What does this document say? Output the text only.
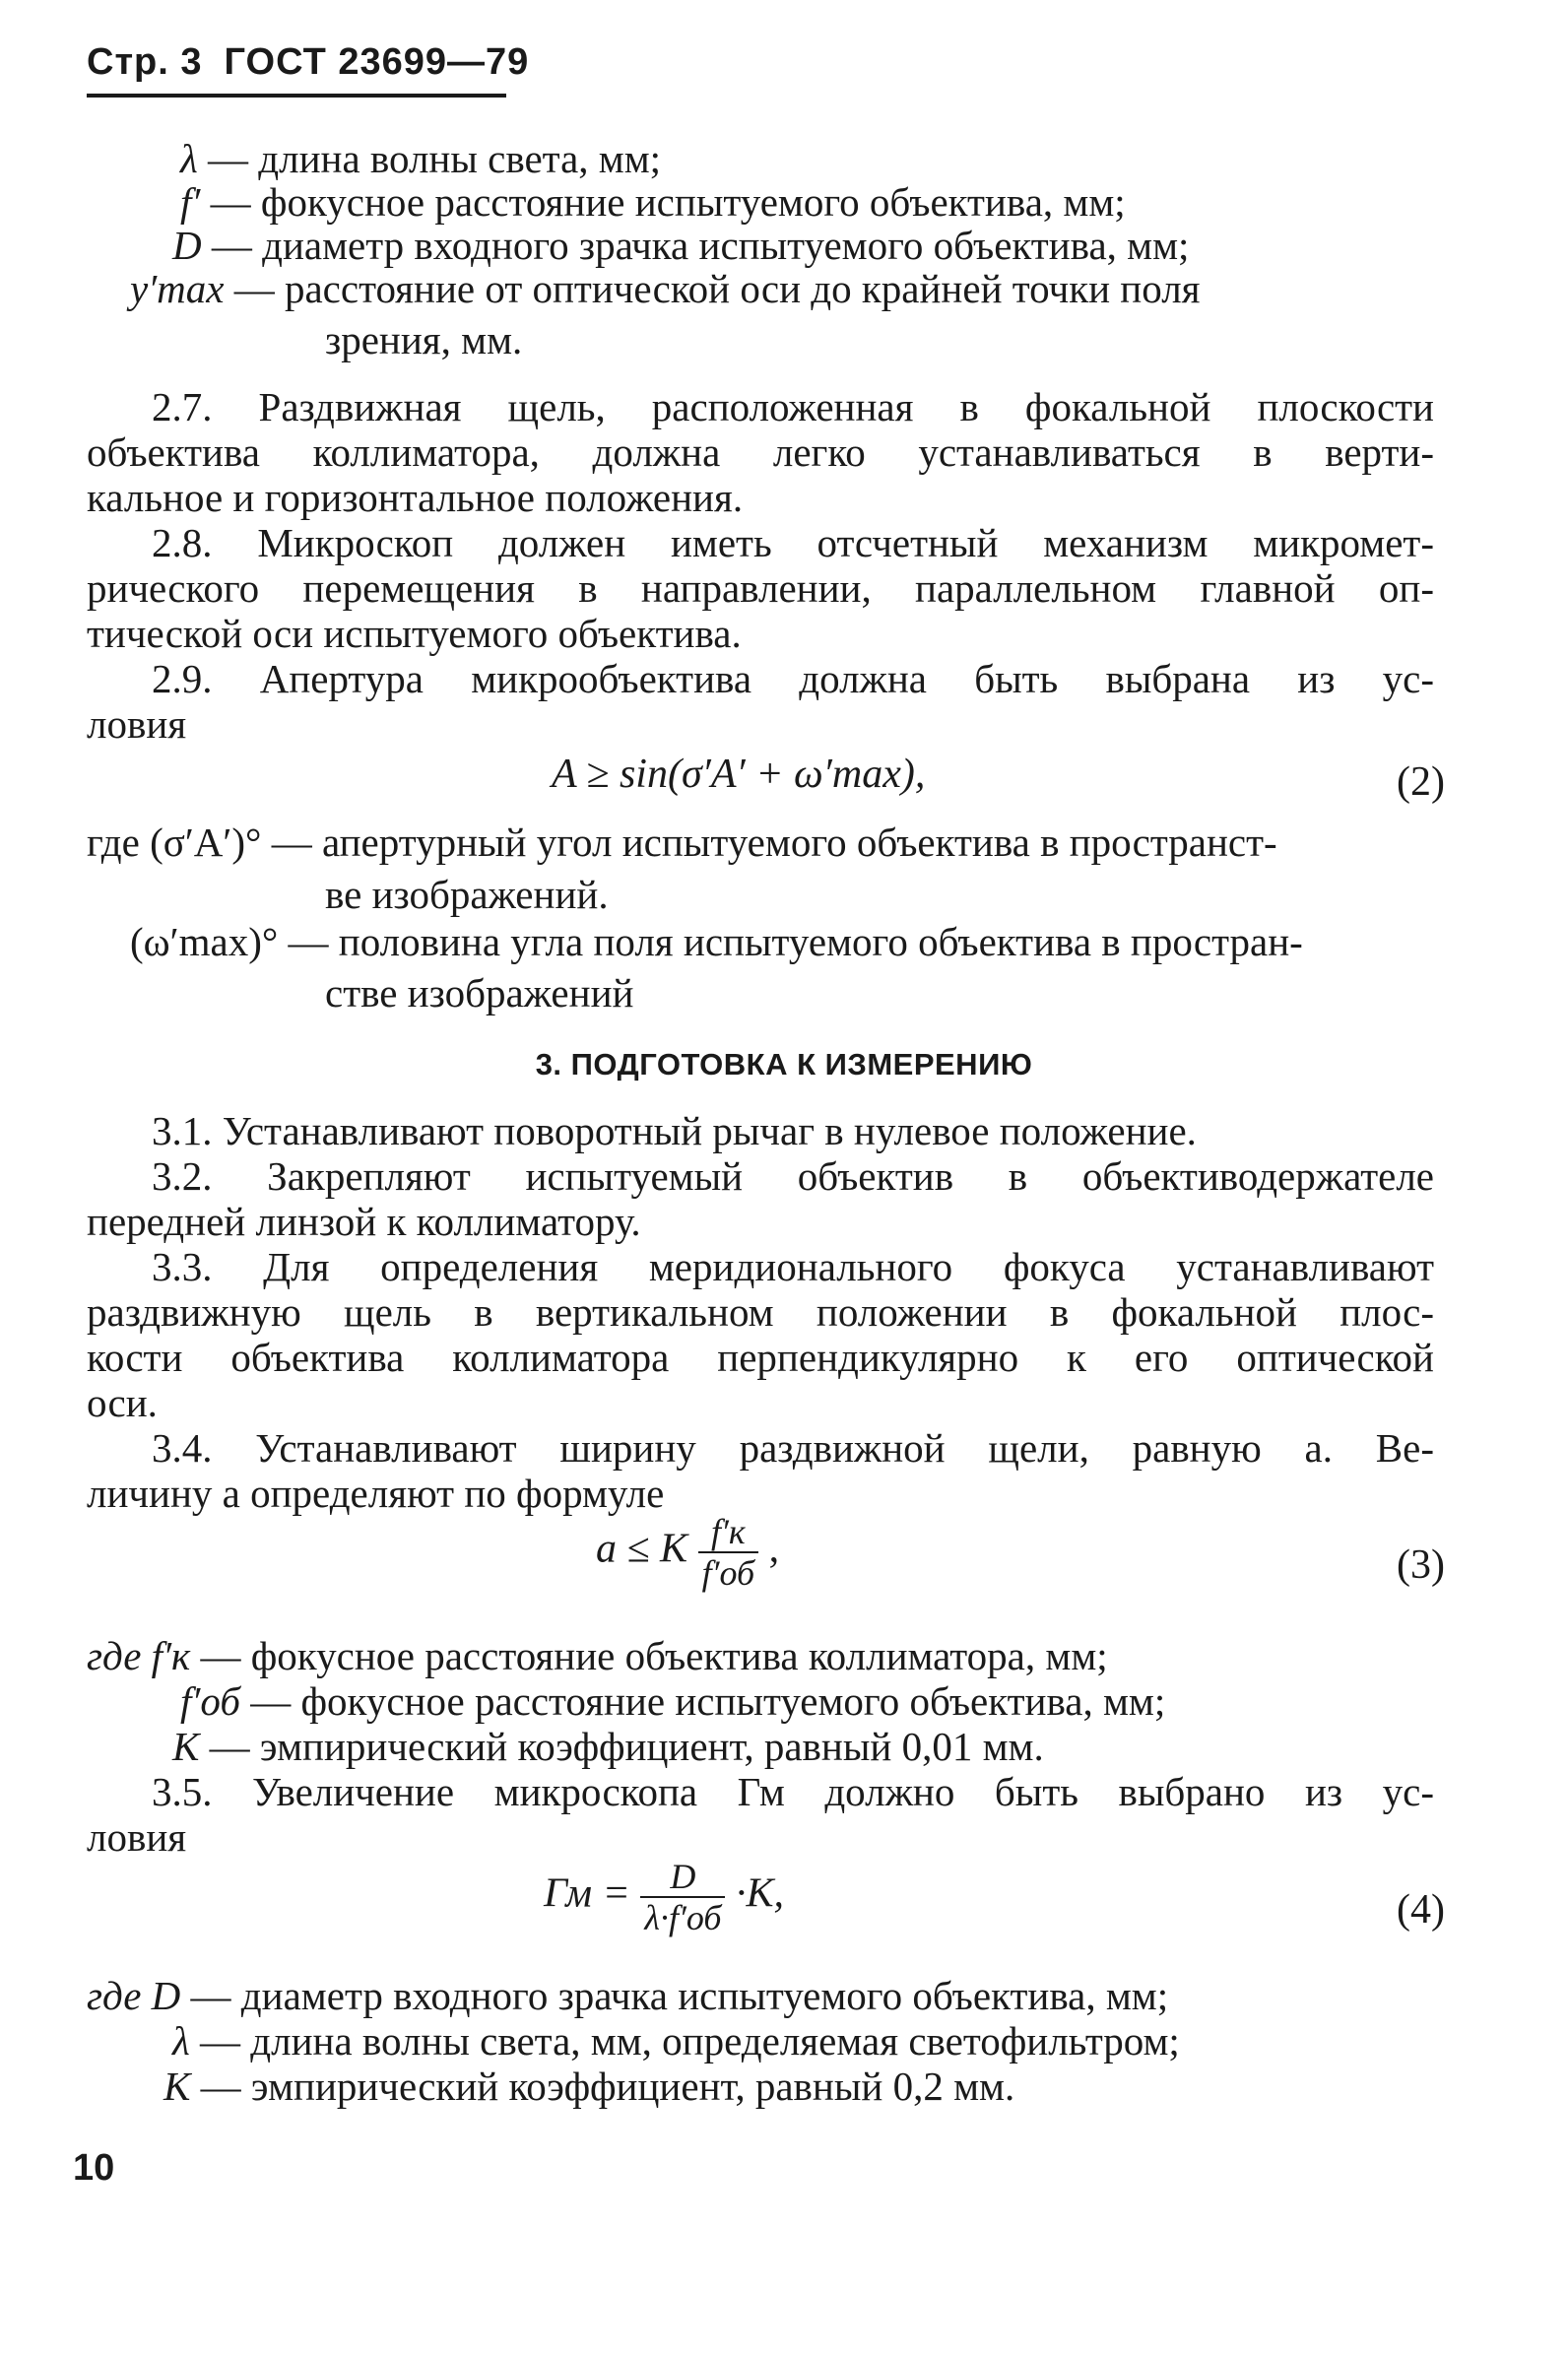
Стр. 3 ГОСТ 23699—79
λ — длина волны света, мм;
f′ — фокусное расстояние испытуемого объектива, мм;
D — диаметр входного зрачка испытуемого объектива, мм;
y′max — расстояние от оптической оси до крайней точки поля
зрения, мм.
2.7. Раздвижная щель, расположенная в фокальной плоскости
объектива коллиматора, должна легко устанавливаться в верти-
кальное и горизонтальное положения.
2.8. Микроскоп должен иметь отсчетный механизм микромет-
рического перемещения в направлении, параллельном главной оп-
тической оси испытуемого объектива.
2.9. Апертура микрообъектива должна быть выбрана из ус-
ловия
A ≥ sin(σ′A′ + ω′max),	(2)
где (σ′A′)° — апертурный угол испытуемого объектива в пространст-
ве изображений.
(ω′max)° — половина угла поля испытуемого объектива в простран-
стве изображений
3. ПОДГОТОВКА К ИЗМЕРЕНИЮ
3.1. Устанавливают поворотный рычаг в нулевое положение.
3.2. Закрепляют испытуемый объектив в объективодержателе
передней линзой к коллиматору.
3.3. Для определения меридионального фокуса устанавливают
раздвижную щель в вертикальном положении в фокальной плос-
кости объектива коллиматора перпендикулярно к его оптической
оси.
3.4. Устанавливают ширину раздвижной щели, равную a. Ве-
личину a определяют по формуле
a ≤ K $\frac{f'к}{f'об}$ ,	(3)
где f′к — фокусное расстояние объектива коллиматора, мм;
f′об — фокусное расстояние испытуемого объектива, мм;
K — эмпирический коэффициент, равный 0,01 мм.
3.5. Увеличение микроскопа Гм должно быть выбрано из ус-
ловия
Гм = $\frac{D}{\lambda\cdot f'об} \cdot K$,	(4)
где D — диаметр входного зрачка испытуемого объектива, мм;
λ — длина волны света, мм, определяемая светофильтром;
K — эмпирический коэффициент, равный 0,2 мм.
10
